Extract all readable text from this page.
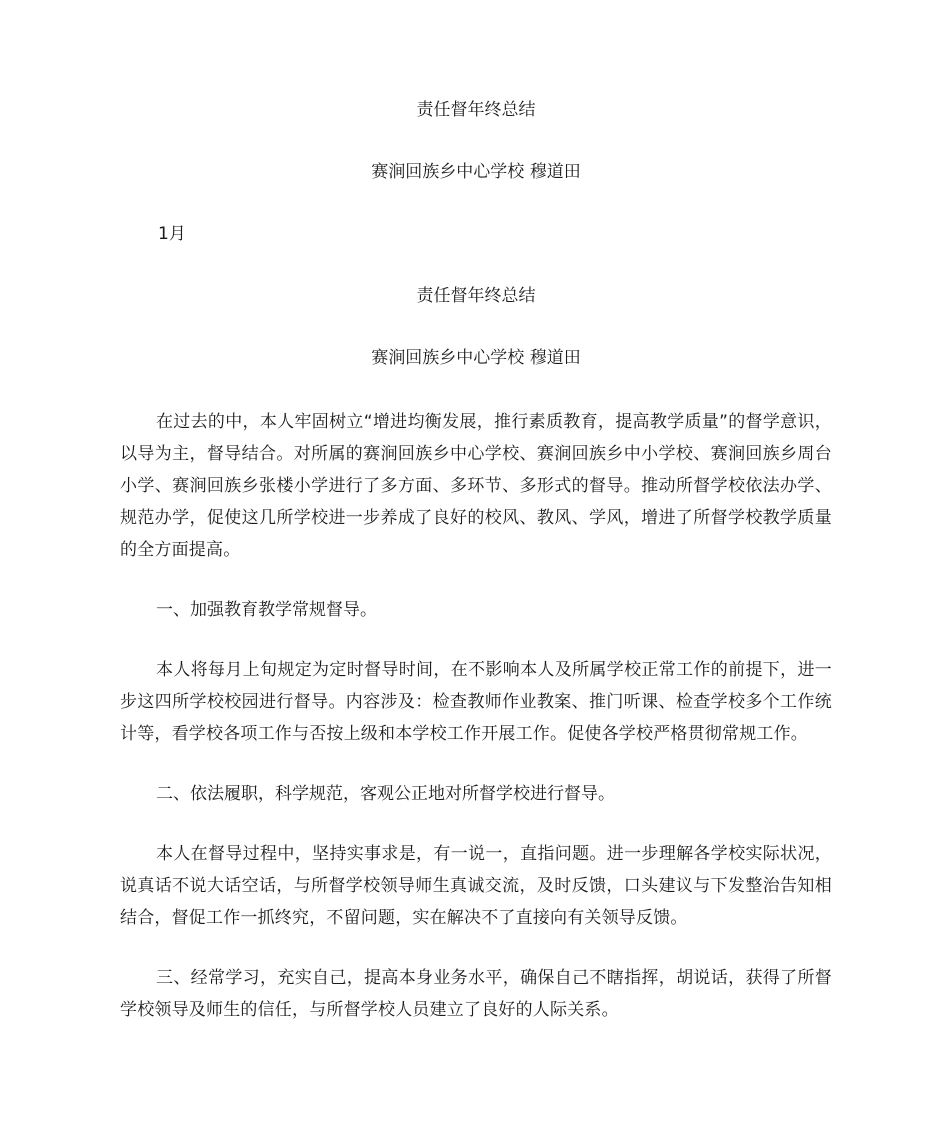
责任督年终总结
赛涧回族乡中心学校 穆道田
1月
责任督年终总结
赛涧回族乡中心学校 穆道田
在过去的中，本人牢固树立“增进均衡发展，推行素质教育，提高教学质量”的督学意识，以导为主，督导结合。对所属的赛涧回族乡中心学校、赛涧回族乡中小学校、赛涧回族乡周台小学、赛涧回族乡张楼小学进行了多方面、多环节、多形式的督导。推动所督学校依法办学、规范办学，促使这几所学校进一步养成了良好的校风、教风、学风，增进了所督学校教学质量的全方面提高。
一、加强教育教学常规督导。
本人将每月上旬规定为定时督导时间，在不影响本人及所属学校正常工作的前提下，进一步这四所学校校园进行督导。内容涉及：检查教师作业教案、推门听课、检查学校多个工作统计等，看学校各项工作与否按上级和本学校工作开展工作。促使各学校严格贯彻常规工作。
二、依法履职，科学规范，客观公正地对所督学校进行督导。
本人在督导过程中，坚持实事求是，有一说一，直指问题。进一步理解各学校实际状况，说真话不说大话空话，与所督学校领导师生真诚交流，及时反馈，口头建议与下发整治告知相结合，督促工作一抓终究，不留问题，实在解决不了直接向有关领导反馈。
三、经常学习，充实自己，提高本身业务水平，确保自己不瞎指挥，胡说话，获得了所督学校领导及师生的信任，与所督学校人员建立了良好的人际关系。
